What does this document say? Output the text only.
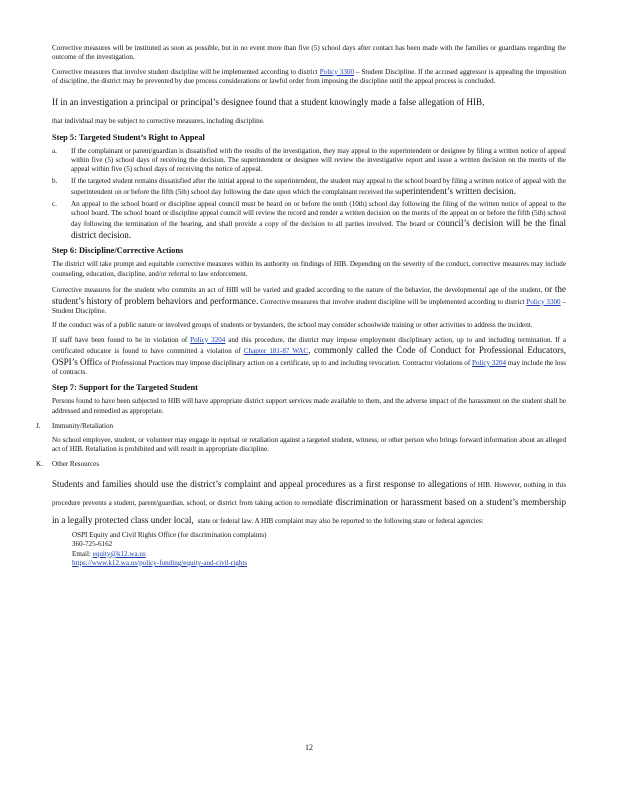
Corrective measures will be instituted as soon as possible, but in no event more than five (5) school days after contact has been made with the families or guardians regarding the outcome of the investigation.

Corrective measures that involve student discipline will be implemented according to district Policy 3300 – Student Discipline. If the accused aggressor is appealing the imposition of discipline, the district may be prevented by due process considerations or lawful order from imposing the discipline until the appeal process is concluded.

If in an investigation a principal or principal’s designee found that a student knowingly made a false allegation of HIB,
that individual may be subject to corrective measures, including discipline.

Step 5: Targeted Student’s Right to Appeal
a.	If the complainant or parent/guardian is dissatisfied with the results of the investigation, they may appeal to the superintendent or designee by filing a written notice of appeal within five (5) school days of receiving the decision. The superintendent or designee will review the investigative report and issue a written decision on the merits of the appeal within five (5) school days of receiving the notice of appeal.

b.	If the targeted student remains dissatisfied after the initial appeal to the superintendent, the student may appeal to the school board by filing a written notice of appeal with the superintendent on or before the fifth (5th) school day following the date upon which the complainant received the superintendent’s written decision.

c.	An appeal to the school board or discipline appeal council must be heard on or before the tenth (10th) school day following the filing of the written notice of appeal to the school board. The school board or discipline appeal council will review the record and render a written decision on the merits of the appeal on or before the fifth (5th) school day following the termination of the hearing, and shall provide a copy of the decision to all parties involved. The board or council’s decision will be the final district decision.

Step 6: Discipline/Corrective Actions

The district will take prompt and equitable corrective measures within its authority on findings of HIB. Depending on the severity of the conduct, corrective measures may include counseling, education, discipline, and/or referral to law enforcement.

Corrective measures for the student who commits an act of HIB will be varied and graded according to the nature of the behavior, the developmental age of the student, or the student’s history of problem behaviors and performance. Corrective measures that involve student discipline will be implemented according to district Policy 3300 – Student Discipline.

If the conduct was of a public nature or involved groups of students or bystanders, the school may consider schoolwide training or other activities to address the incident.

If staff have been found to be in violation of Policy 3204 and this procedure, the district may impose employment disciplinary action, up to and including termination. If a certificated educator is found to have committed a violation of Chapter 181-87 WAC, commonly called the Code of Conduct for Professional Educators, OSPI’s Office of Professional Practices may impose disciplinary action on a certificate, up to and including revocation. Contractor violations of Policy 3204 may include the loss of contracts.

Step 7: Support for the Targeted Student

Persons found to have been subjected to HIB will have appropriate district support services made available to them, and the adverse impact of the harassment on the student shall be addressed and remedied as appropriate.

J.	Immunity/Retaliation

No school employee, student, or volunteer may engage in reprisal or retaliation against a targeted student, witness, or other person who brings forward information about an alleged act of HIB. Retaliation is prohibited and will result in appropriate discipline.

K.	Other Resources

Students and families should use the district’s complaint and appeal procedures as a first response to allegations of HIB. However, nothing in this procedure prevents a student, parent/guardian, school, or district from taking action to remediate discrimination or harassment based on a student’s membership in a legally protected class under local, state or federal law. A HIB complaint may also be reported to the following state or federal agencies:

OSPI Equity and Civil Rights Office (for discrimination complaints)
360-725-6162
Email: equity@k12.wa.us
https://www.k12.wa.us/policy-funding/equity-and-civil-rights
12
